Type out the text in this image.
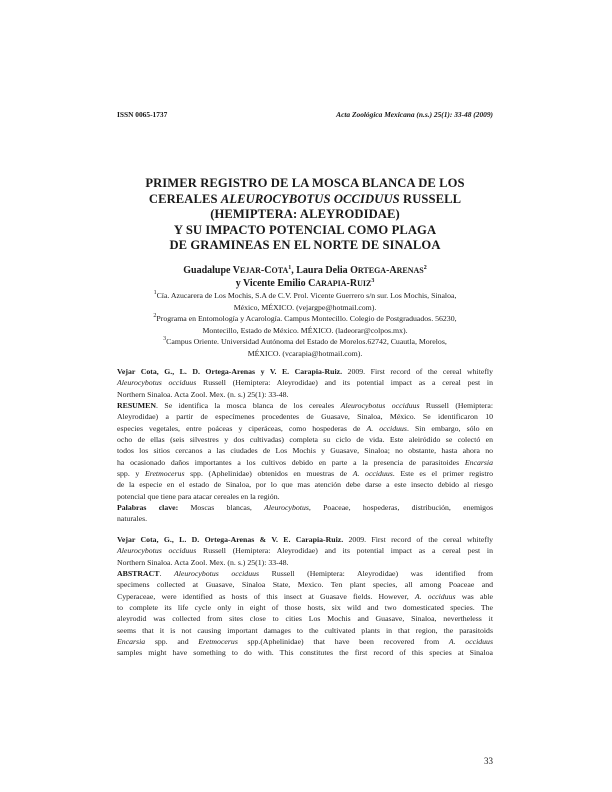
ISSN 0065-1737	Acta Zoológica Mexicana (n.s.) 25(1): 33-48 (2009)
PRIMER REGISTRO DE LA MOSCA BLANCA DE LOS
CEREALES ALEUROCYBOTUS OCCIDUUS RUSSELL
(HEMIPTERA: ALEYRODIDAE)
Y SU IMPACTO POTENCIAL COMO PLAGA
DE GRAMINEAS EN EL NORTE DE SINALOA
Guadalupe VEJAR-COTA$^1$, Laura Delia ORTEGA-ARENAS$^2$
y Vicente Emilio CARAPIA-RUIZ$^3$
$^1$Cía. Azucarera de Los Mochis, S.A de C.V. Prol. Vicente Guerrero s/n sur. Los Mochis, Sinaloa,
México, MÉXICO. (vejargpe@hotmail.com).
$^2$Programa en Entomología y Acarología. Campus Montecillo. Colegio de Postgraduados. 56230,
Montecillo, Estado de México. MÉXICO. (ladeorar@colpos.mx).
$^3$Campus Oriente. Universidad Autónoma del Estado de Morelos.62742, Cuautla, Morelos,
MÉXICO. (vcarapia@hotmail.com).
Vejar Cota, G., L. D. Ortega-Arenas y V. E. Carapia-Ruiz. 2009. First record of the cereal whitefly
Aleurocybotus occiduus Russell (Hemiptera: Aleyrodidae) and its potential impact as a cereal pest in
Northern Sinaloa. Acta Zool. Mex. (n. s.) 25(1): 33-48.
RESUMEN. Se identifica la mosca blanca de los cereales Aleurocybotus occiduus Russell (Hemiptera:
Aleyrodidae) a partir de especímenes procedentes de Guasave, Sinaloa, México. Se identificaron 10
especies vegetales, entre poáceas y ciperáceas, como hospederas de A. occiduus. Sin embargo, sólo en
ocho de ellas (seis silvestres y dos cultivadas) completa su ciclo de vida. Este aleiródido se colectó en
todos los sitios cercanos a las ciudades de Los Mochis y Guasave, Sinaloa; no obstante, hasta ahora no
ha ocasionado daños importantes a los cultivos debido en parte a la presencia de parasitoides Encarsia
spp. y Eretmocerus spp. (Aphelinidae) obtenidos en muestras de A. occiduus. Este es el primer registro
de la especie en el estado de Sinaloa, por lo que mas atención debe darse a este insecto debido al riesgo
potencial que tiene para atacar cereales en la región.
Palabras clave: Moscas blancas, Aleurocybotus, Poaceae, hospederas, distribución, enemigos
naturales.
Vejar Cota, G., L. D. Ortega-Arenas & V. E. Carapia-Ruiz. 2009. First record of the cereal whitefly
Aleurocybotus occiduus Russell (Hemiptera: Aleyrodidae) and its potential impact as a cereal pest in
Northern Sinaloa. Acta Zool. Mex. (n. s.) 25(1): 33-48.
ABSTRACT. Aleurocybotus occiduus Russell (Hemiptera: Aleyrodidae) was identified from
specimens collected at Guasave, Sinaloa State, Mexico. Ten plant species, all among Poaceae and
Cyperaceae, were identified as hosts of this insect at Guasave fields. However, A. occiduus was able
to complete its life cycle only in eight of those hosts, six wild and two domesticated species. The
aleyrodid was collected from sites close to cities Los Mochis and Guasave, Sinaloa, nevertheless it
seems that it is not causing important damages to the cultivated plants in that region, the parasitoids
Encarsia spp. and Eretmocerus spp.(Aphelinidae) that have been recovered from A. occiduus
samples might have something to do with. This constitutes the first record of this species at Sinaloa
33
